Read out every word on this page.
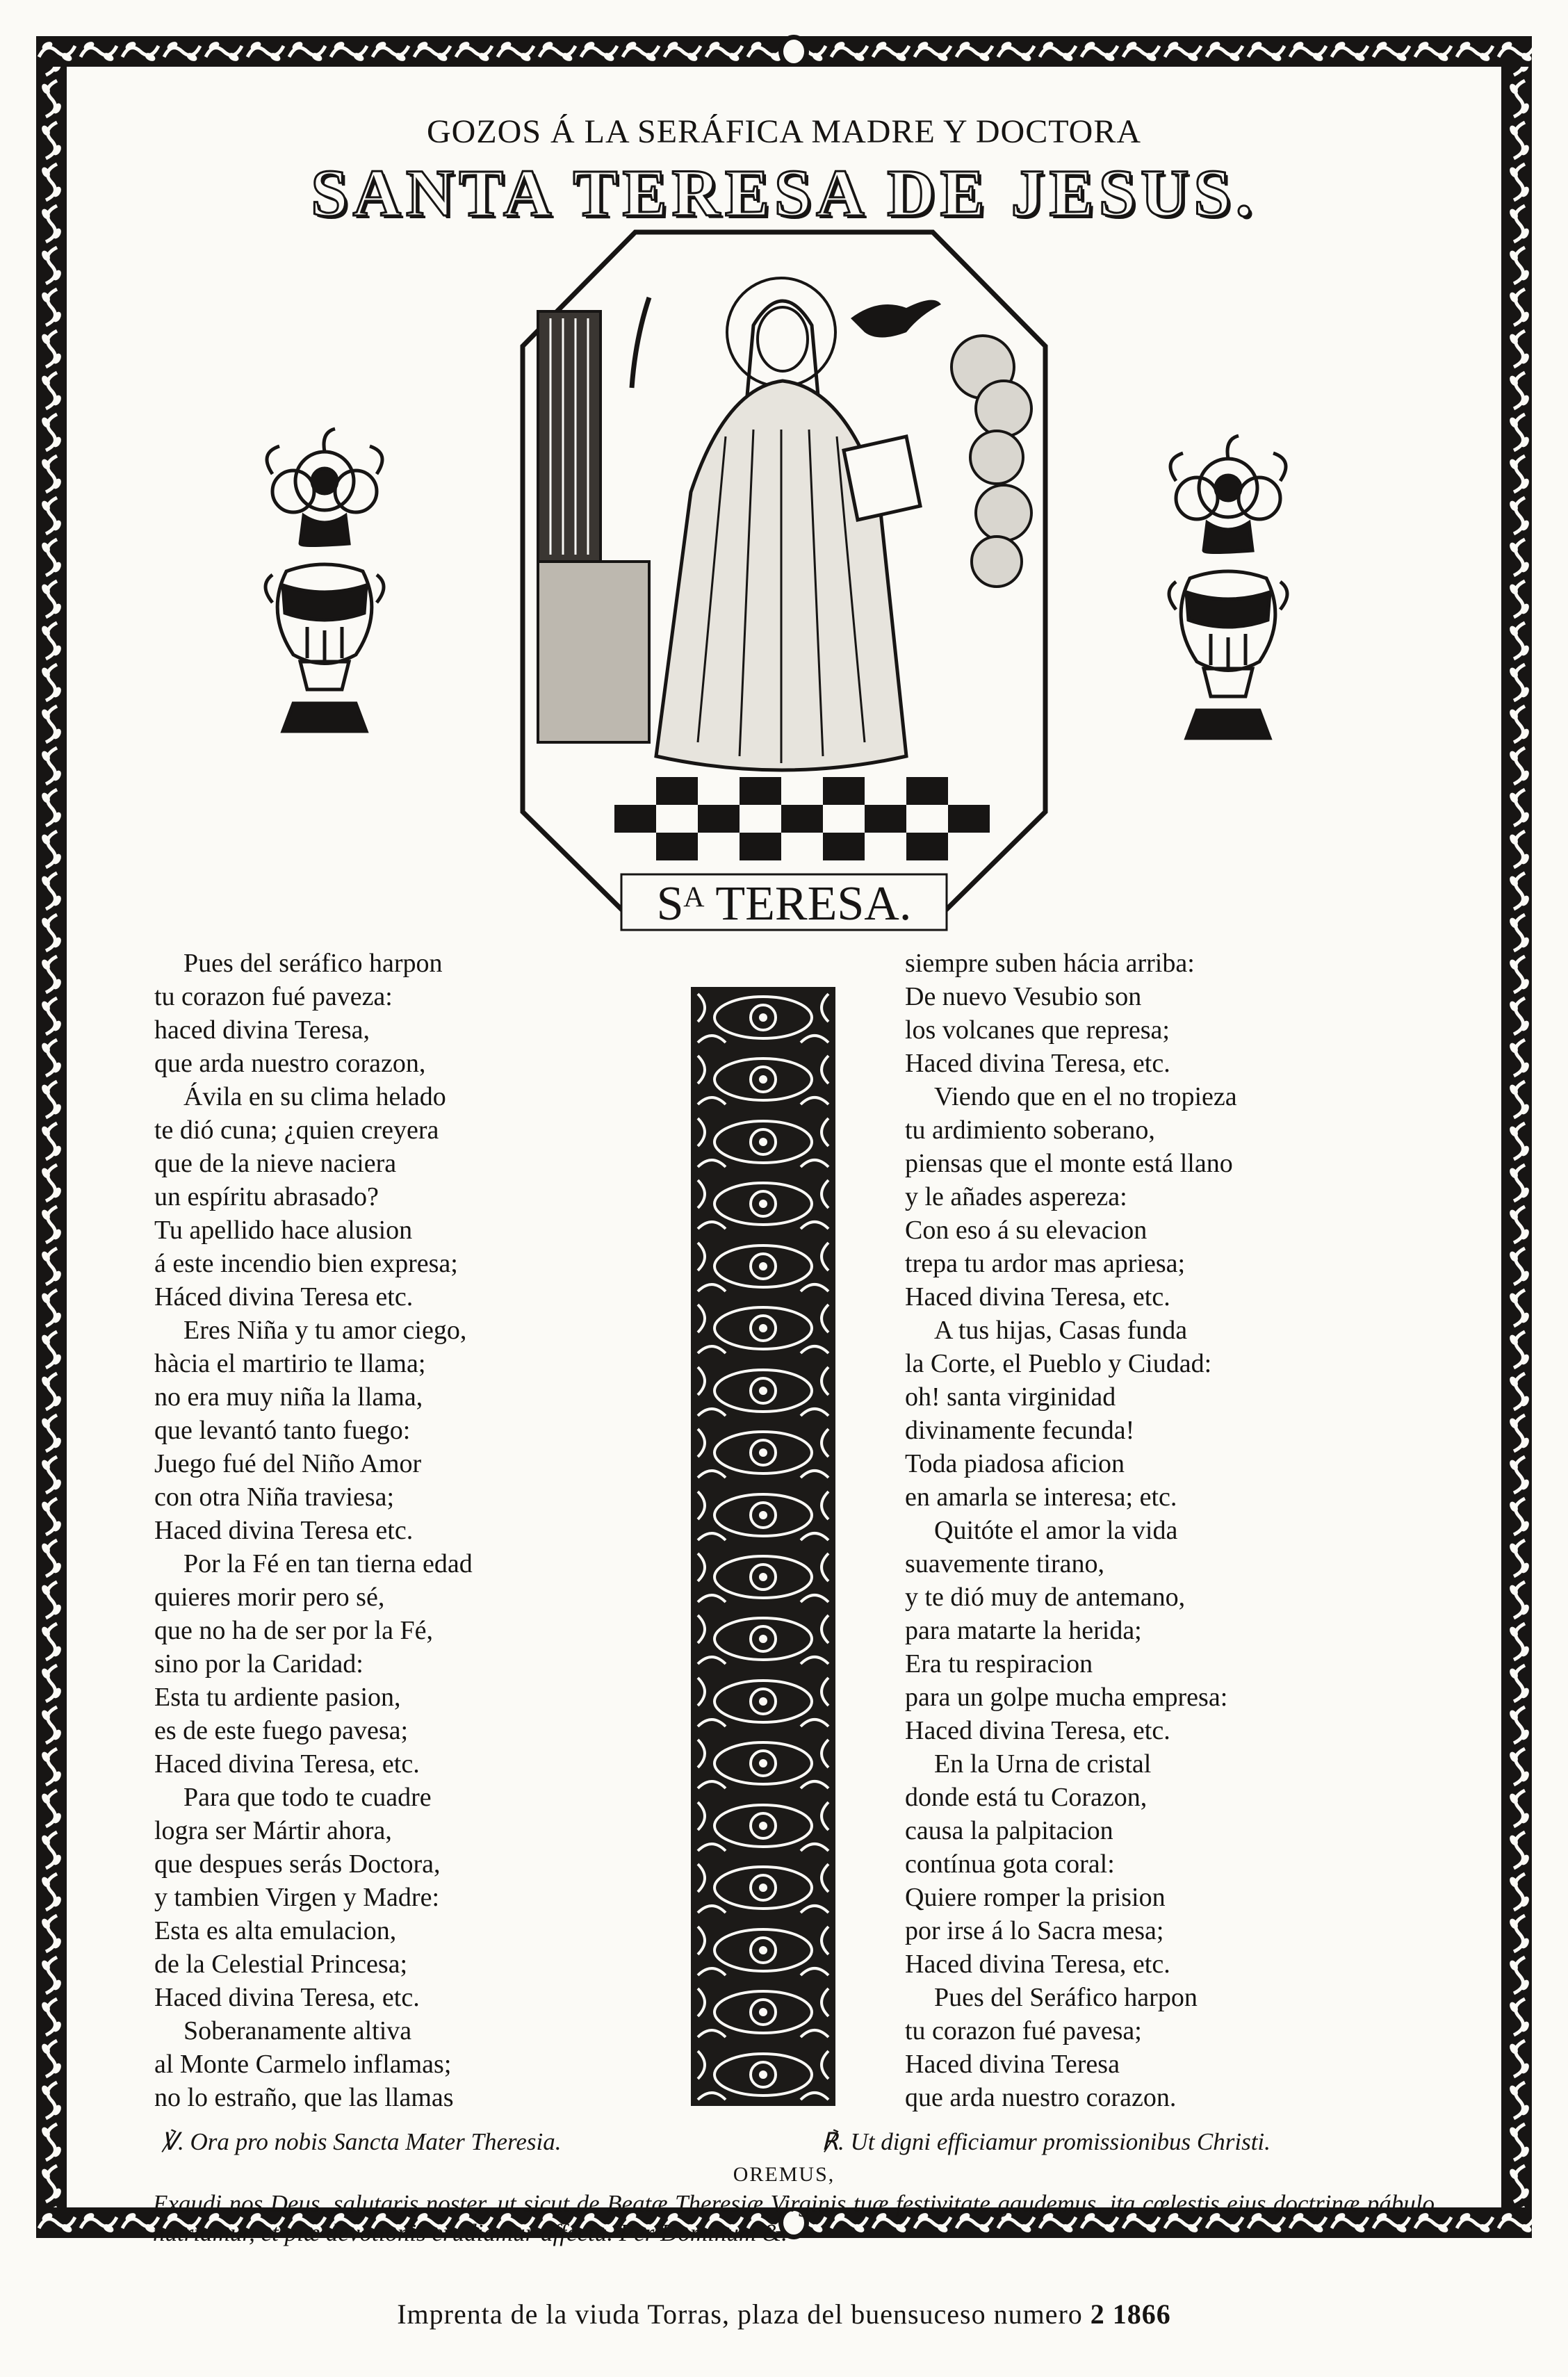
GOZOS Á LA SERÁFICA MADRE Y DOCTORA
SANTA TERESA DE JESUS.
Sᴬ TERESA.
Pues del seráfico harpon
tu corazon fué paveza:
haced divina Teresa,
que arda nuestro corazon,
Ávila en su clima helado
te dió cuna; ¿quien creyera
que de la nieve naciera
un espíritu abrasado?
Tu apellido hace alusion
á este incendio bien expresa;
Háced divina Teresa etc.
Eres Niña y tu amor ciego,
hàcia el martirio te llama;
no era muy niña la llama,
que levantó tanto fuego:
Juego fué del Niño Amor
con otra Niña traviesa;
Haced divina Teresa etc.
Por la Fé en tan tierna edad
quieres morir pero sé,
que no ha de ser por la Fé,
sino por la Caridad:
Esta tu ardiente pasion,
es de este fuego pavesa;
Haced divina Teresa, etc.
Para que todo te cuadre
logra ser Mártir ahora,
que despues serás Doctora,
y tambien Virgen y Madre:
Esta es alta emulacion,
de la Celestial Princesa;
Haced divina Teresa, etc.
Soberanamente altiva
al Monte Carmelo inflamas;
no lo estraño, que las llamas
siempre suben hácia arriba:
De nuevo Vesubio son
los volcanes que represa;
Haced divina Teresa, etc.
Viendo que en el no tropieza
tu ardimiento soberano,
piensas que el monte está llano
y le añades aspereza:
Con eso á su elevacion
trepa tu ardor mas apriesa;
Haced divina Teresa, etc.
A tus hijas, Casas funda
la Corte, el Pueblo y Ciudad:
oh! santa virginidad
divinamente fecunda!
Toda piadosa aficion
en amarla se interesa; etc.
Quitóte el amor la vida
suavemente tirano,
y te dió muy de antemano,
para matarte la herida;
Era tu respiracion
para un golpe mucha empresa:
Haced divina Teresa, etc.
En la Urna de cristal
donde está tu Corazon,
causa la palpitacion
contínua gota coral:
Quiere romper la prision
por irse á lo Sacra mesa;
Haced divina Teresa, etc.
Pues del Seráfico harpon
tu corazon fué pavesa;
Haced divina Teresa
que arda nuestro corazon.
℣. Ora pro nobis Sancta Mater Theresia.	℟. Ut digni efficiamur promissionibus Christi.
OREMUS,
Exaudi nos Deus, salutaris noster, ut sicut de Beatæ Theresiæ Virginis tuæ festivitate gaudemus, ita cœlestis ejus doctrinæ pábulo nutriamur, et piæ devotionis erudiamur affectu. Per Dominum &.
Imprenta de la viuda Torras, plaza del buensuceso numero 2 1866
